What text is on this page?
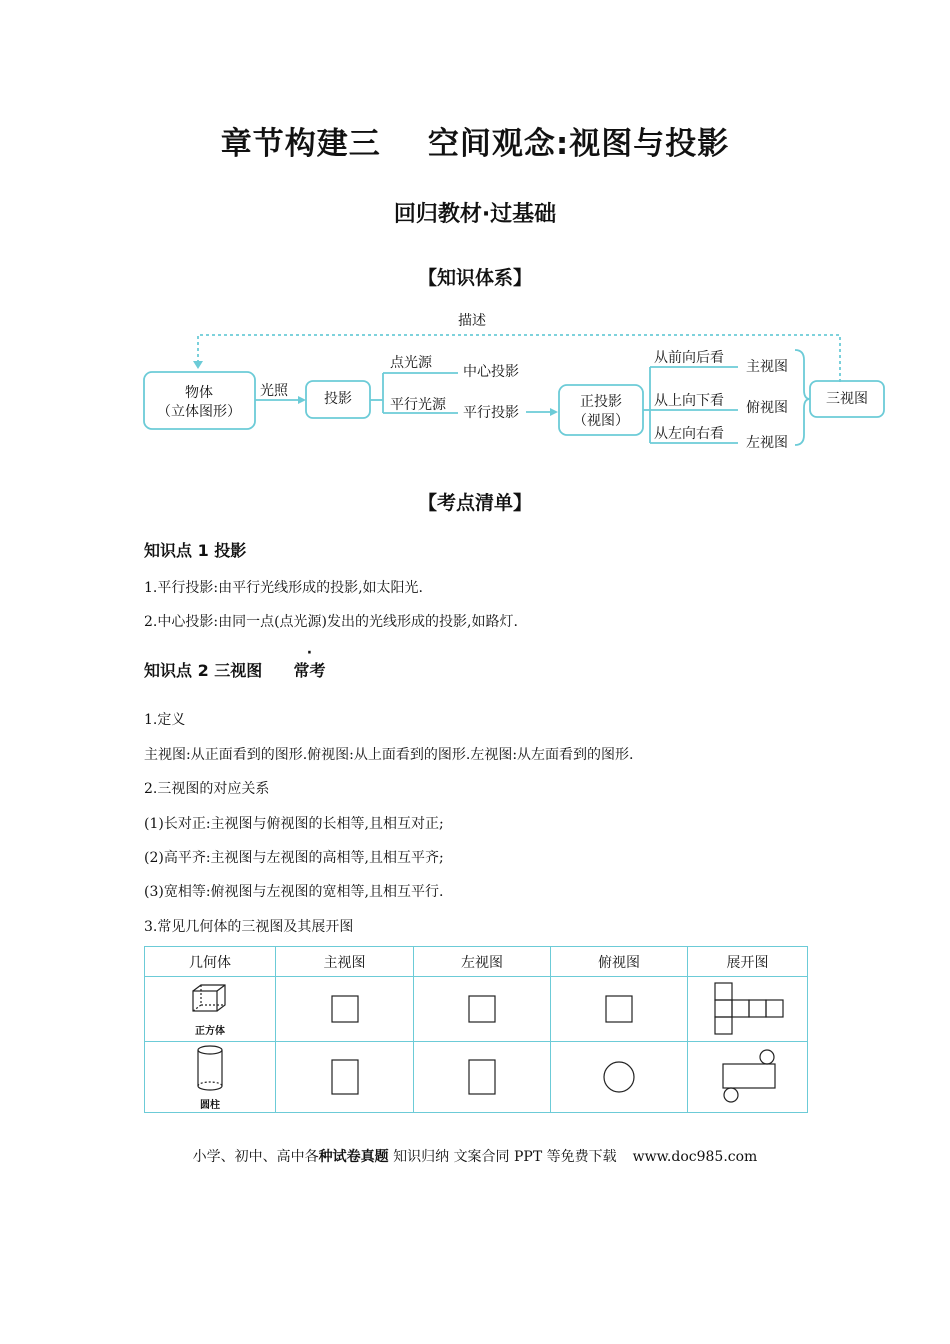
章节构建三    空间观念:视图与投影
回归教材·过基础
【知识体系】
描述
物体
（立体图形）
光照	投影
点光源
平行光源
中心投影
平行投影
正投影
（视图）
从前向后看
从上向下看
从左向右看
主视图
俯视图
左视图
三视图
【考点清单】
知识点 1 投影
1.平行投影:由平行光线形成的投影,如太阳光.
2.中心投影:由同一点(点光源)发出的光线形成的投影,如路灯.
知识点 2 三视图 常考
1.定义
主视图:从正面看到的图形.俯视图:从上面看到的图形.左视图:从左面看到的图形.
2.三视图的对应关系
(1)长对正:主视图与俯视图的长相等,且相互对正;
(2)高平齐:主视图与左视图的高相等,且相互平齐;
(3)宽相等:俯视图与左视图的宽相等,且相互平行.
3.常见几何体的三视图及其展开图
几何体	主视图	左视图	俯视图	展开图

正方体

圆柱

小学、初中、高中各种试卷真题 知识归纳 文案合同 PPT 等免费下载 www.doc985.com
